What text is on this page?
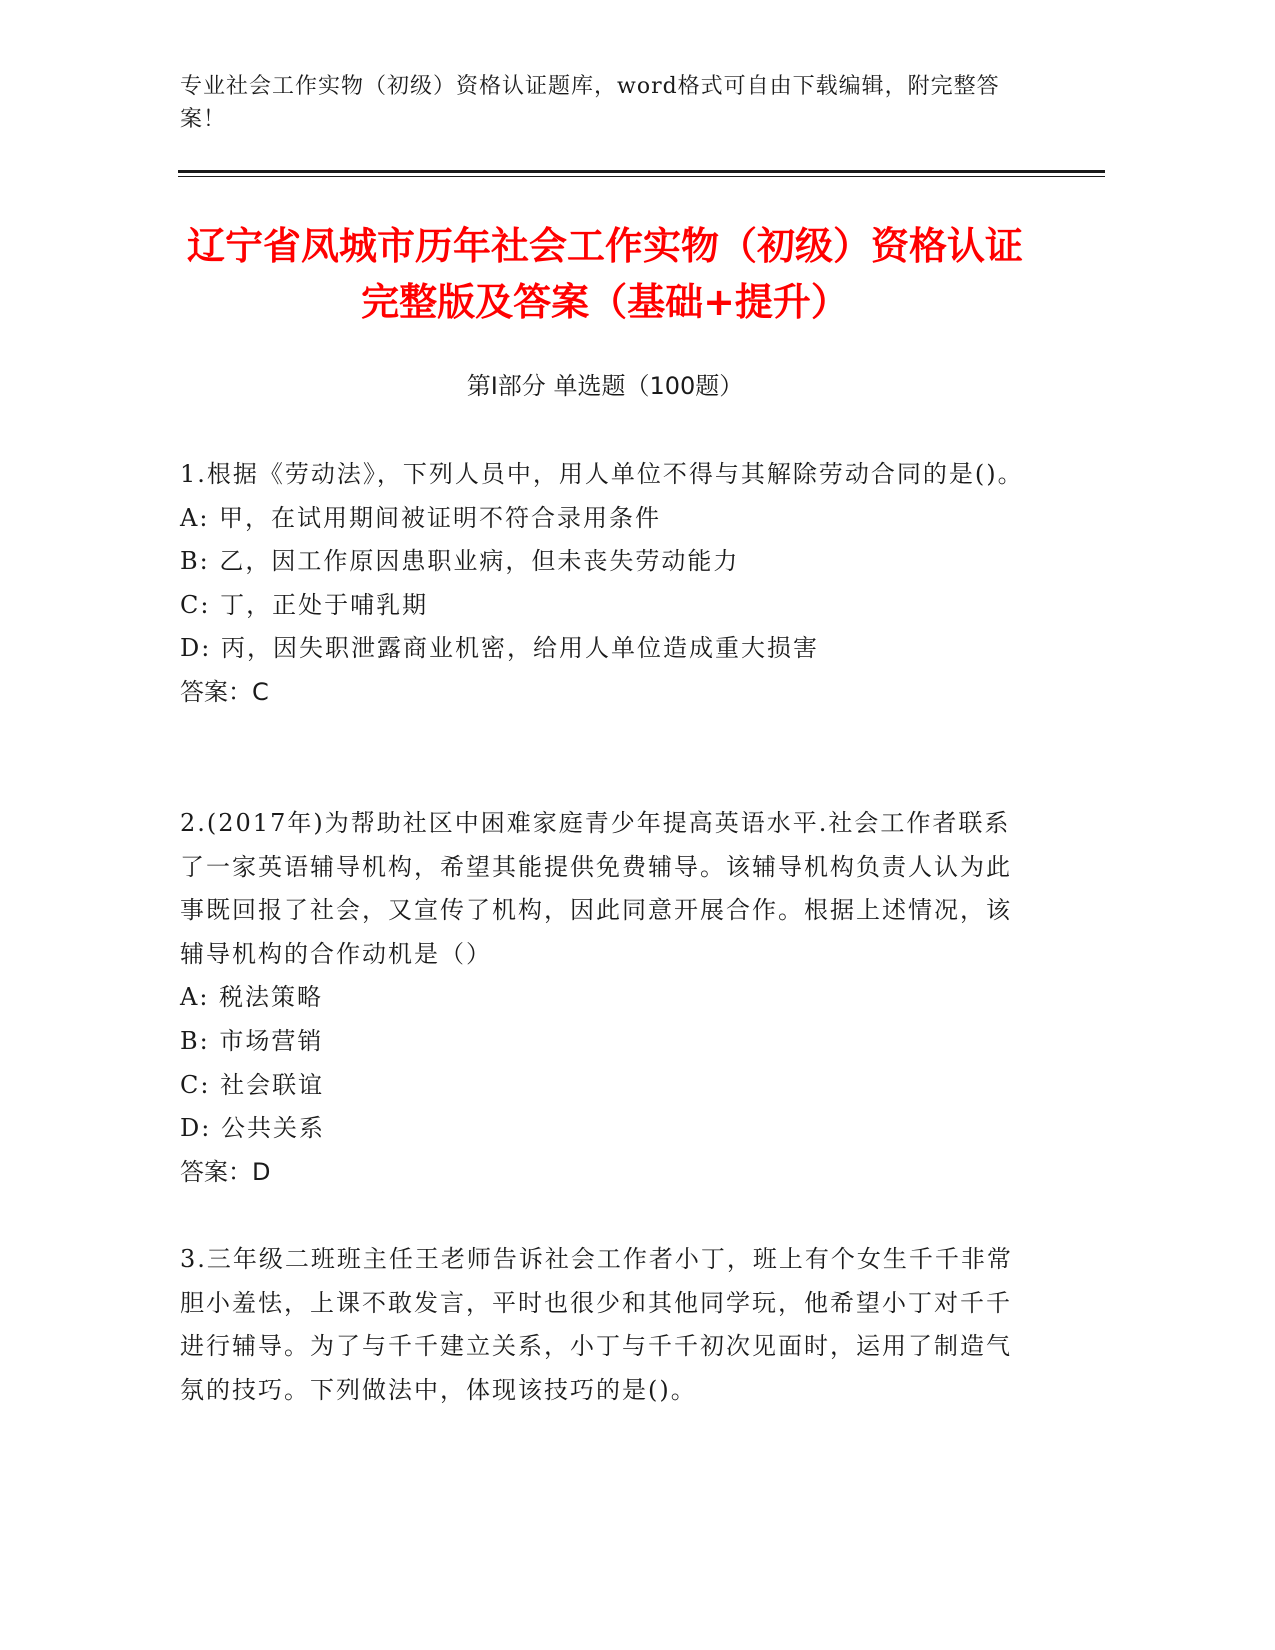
专业社会工作实物（初级）资格认证题库，word格式可自由下载编辑，附完整答案！
辽宁省凤城市历年社会工作实物（初级）资格认证完整版及答案（基础+提升）
第Ⅰ部分 单选题（100题）

1.根据《劳动法》，下列人员中，用人单位不得与其解除劳动合同的是()。

A: 甲，在试用期间被证明不符合录用条件

B: 乙，因工作原因患职业病，但未丧失劳动能力

C: 丁，正处于哺乳期

D: 丙，因失职泄露商业机密，给用人单位造成重大损害

答案：C

2.(2017年)为帮助社区中困难家庭青少年提高英语水平.社会工作者联系了一家英语辅导机构，希望其能提供免费辅导。该辅导机构负责人认为此事既回报了社会，又宣传了机构，因此同意开展合作。根据上述情况，该辅导机构的合作动机是（）

A: 税法策略

B: 市场营销

C: 社会联谊

D: 公共关系

答案：D

3.三年级二班班主任王老师告诉社会工作者小丁，班上有个女生千千非常胆小羞怯，上课不敢发言，平时也很少和其他同学玩，他希望小丁对千千进行辅导。为了与千千建立关系，小丁与千千初次见面时，运用了制造气氛的技巧。下列做法中，体现该技巧的是()。
